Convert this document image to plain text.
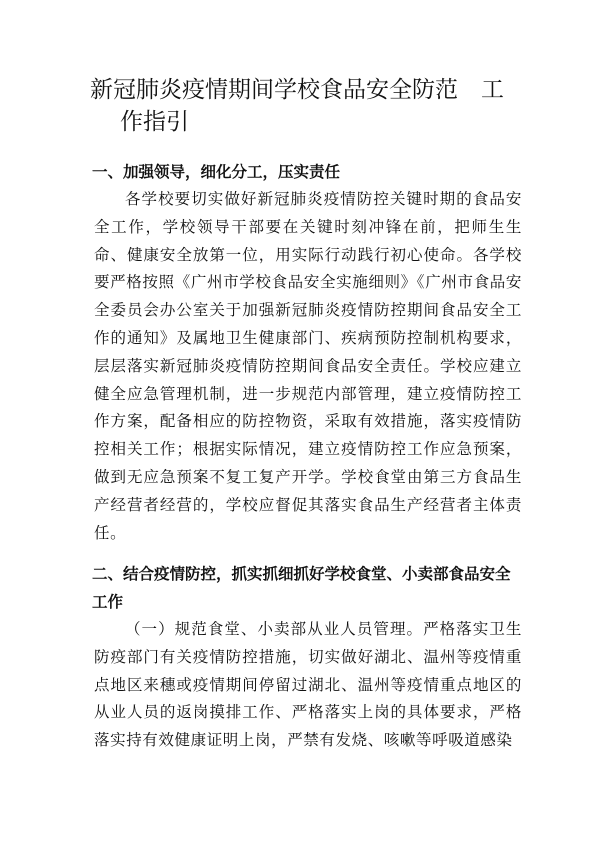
新冠肺炎疫情期间学校食品安全防范　工
作指引
一、加强领导，细化分工，压实责任

各学校要切实做好新冠肺炎疫情防控关键时期的食品安全工作，学校领导干部要在关键时刻冲锋在前，把师生生命、健康安全放第一位，用实际行动践行初心使命。各学校要严格按照《广州市学校食品安全实施细则》《广州市食品安全委员会办公室关于加强新冠肺炎疫情防控期间食品安全工作的通知》及属地卫生健康部门、疾病预防控制机构要求，层层落实新冠肺炎疫情防控期间食品安全责任。学校应建立健全应急管理机制，进一步规范内部管理，建立疫情防控工作方案，配备相应的防控物资，采取有效措施，落实疫情防控相关工作；根据实际情况，建立疫情防控工作应急预案，做到无应急预案不复工复产开学。学校食堂由第三方食品生产经营者经营的，学校应督促其落实食品生产经营者主体责任。

二、结合疫情防控，抓实抓细抓好学校食堂、小卖部食品安全工作

（一）规范食堂、小卖部从业人员管理。严格落实卫生防疫部门有关疫情防控措施，切实做好湖北、温州等疫情重点地区来穗或疫情期间停留过湖北、温州等疫情重点地区的从业人员的返岗摸排工作、严格落实上岗的具体要求，严格落实持有效健康证明上岗，严禁有发烧、咳嗽等呼吸道感染
